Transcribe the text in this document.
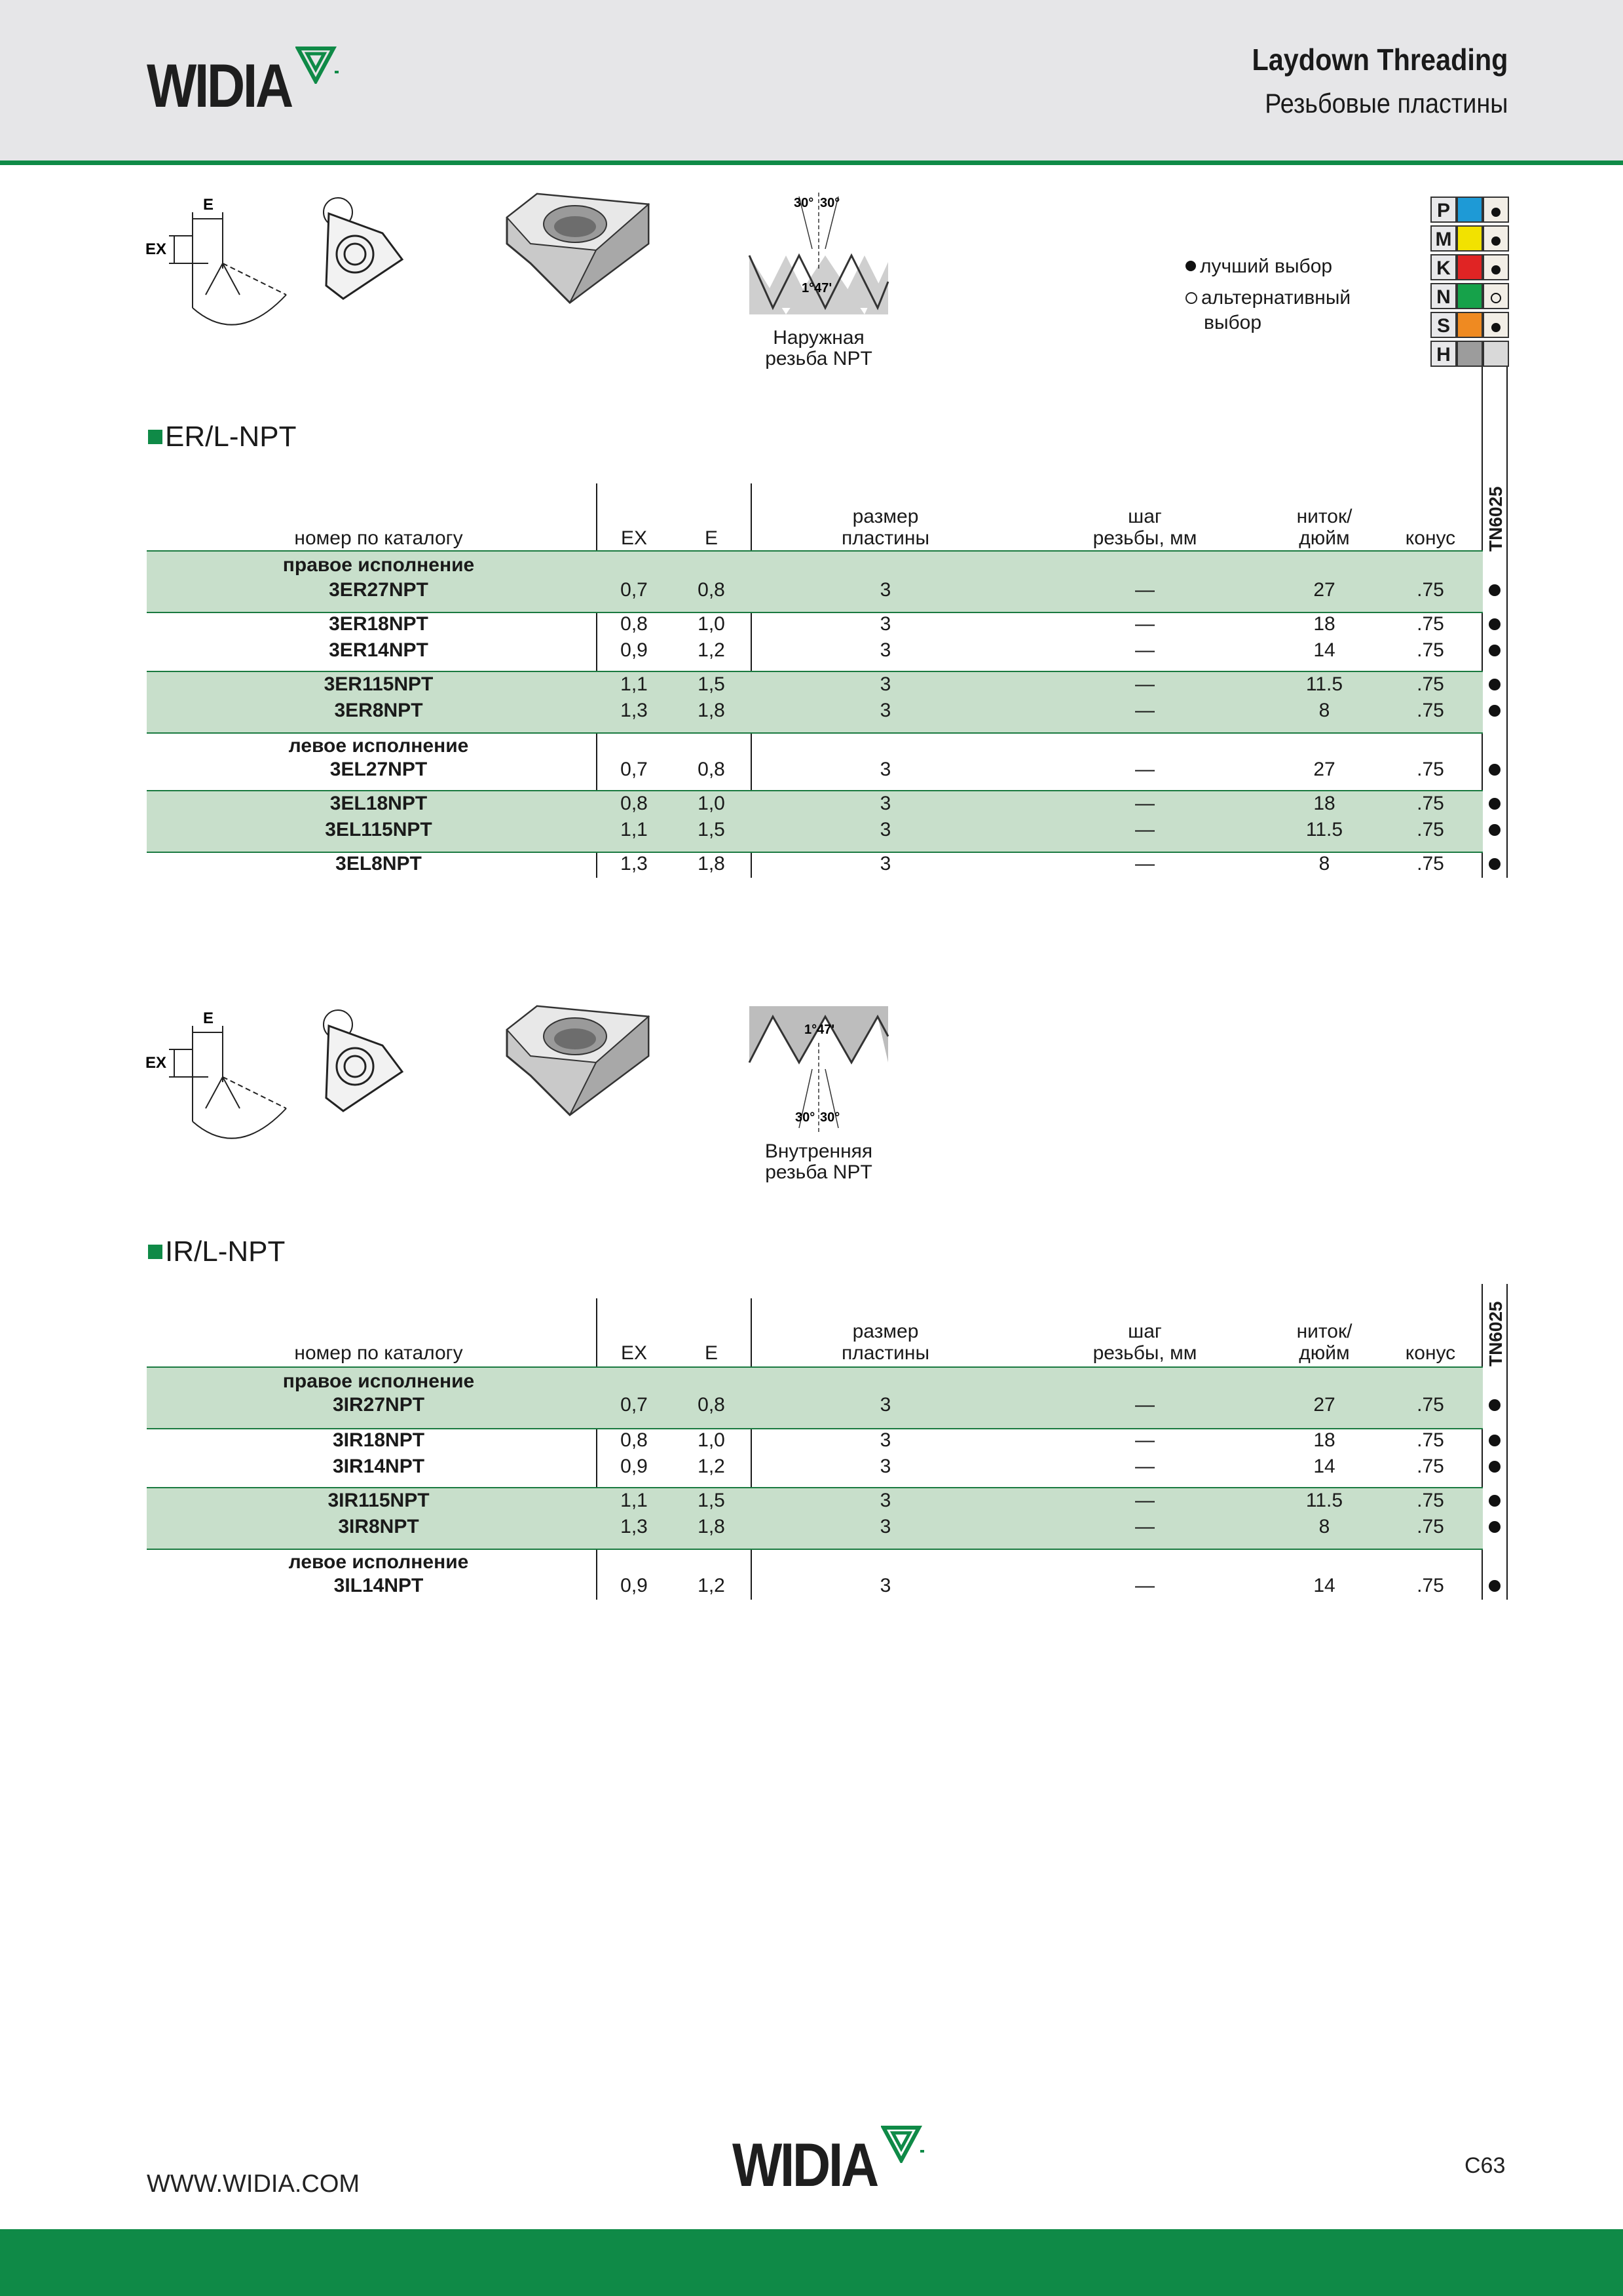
WIDIA	Laydown Threading
Резьбовые пластины
E
EX
30° 30°
1°47'
Наружная
резьба NPT
лучший выбор
альтернативный
выбор
P
M
K
N
S
H
ER/L-NPT
E
EX
1°47'
30° 30°
Внутренняя
резьба NPT
IR/L-NPT
WWW.WIDIA.COM	WIDIA	C63
номер по каталогу	EX	E
размер
пластины
шаг
резьбы, мм
ниток/
дюйм	конус	TN6025
правое исполнение
3ER27NPT	0,7	0,8	3	—	27	.75
3ER18NPT	0,8	1,0	3	—	18	.75
3ER14NPT	0,9	1,2	3	—	14	.75
3ER115NPT	1,1	1,5	3	—	11.5	.75
3ER8NPT	1,3	1,8	3	—	8	.75
левое исполнение
3EL27NPT	0,7	0,8	3	—	27	.75
3EL18NPT	0,8	1,0	3	—	18	.75
3EL115NPT	1,1	1,5	3	—	11.5	.75
3EL8NPT	1,3	1,8	3	—	8	.75
номер по каталогу	EX	E
размер
пластины
шаг
резьбы, мм
ниток/
дюйм	конус	TN6025
правое исполнение
3IR27NPT	0,7	0,8	3	—	27	.75
3IR18NPT	0,8	1,0	3	—	18	.75
3IR14NPT	0,9	1,2	3	—	14	.75
3IR115NPT	1,1	1,5	3	—	11.5	.75
3IR8NPT	1,3	1,8	3	—	8	.75
левое исполнение
3IL14NPT	0,9	1,2	3	—	14	.75
